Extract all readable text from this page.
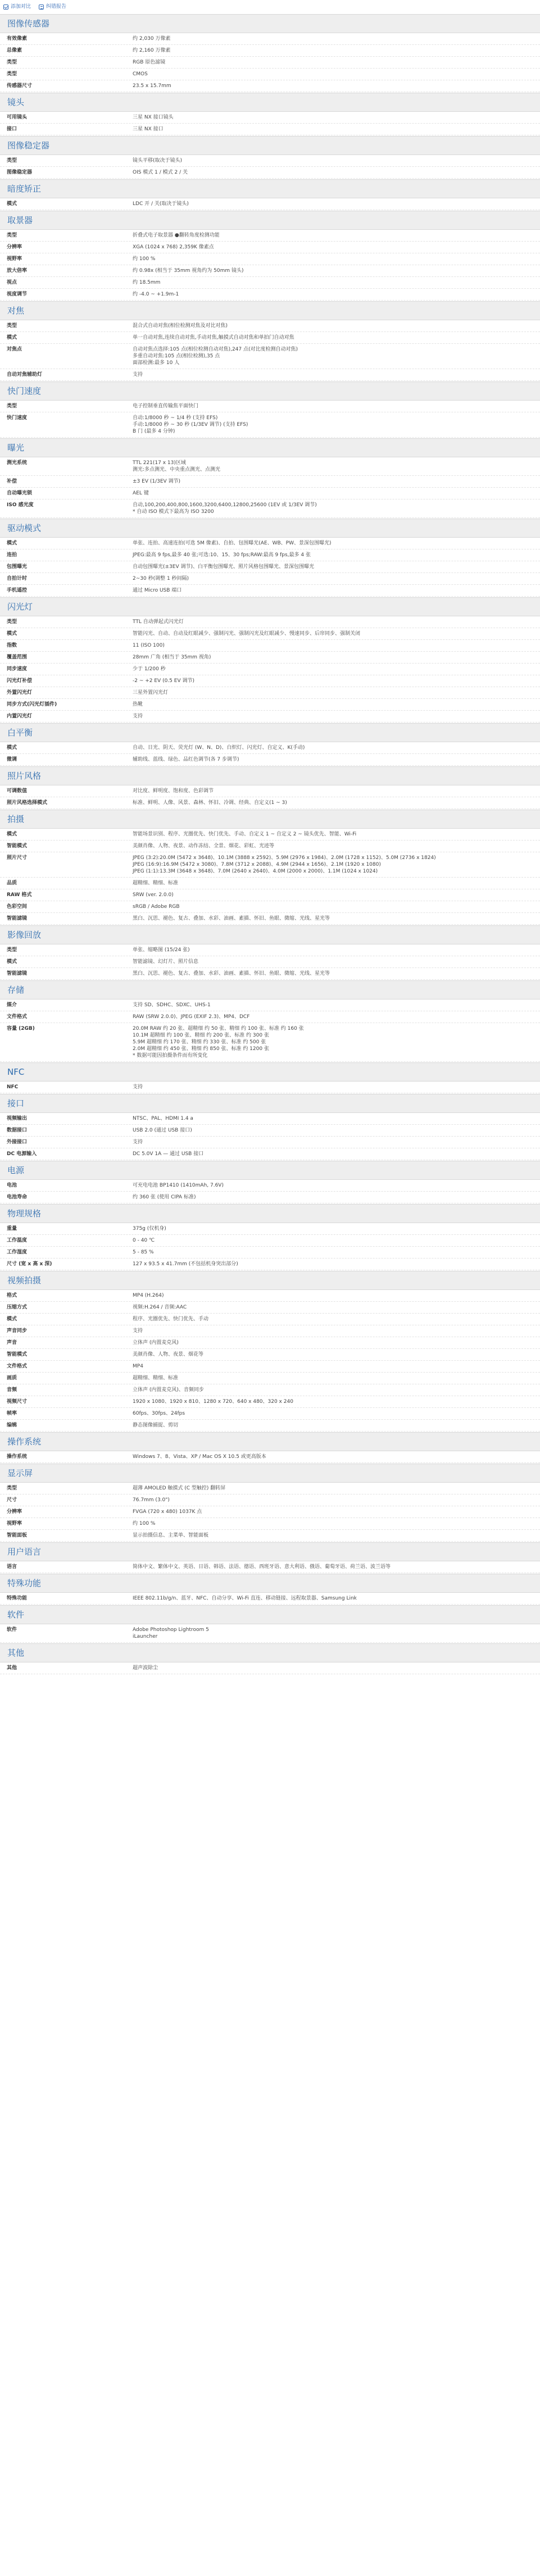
添加对比	纠错报告
图像传感器
有效像素	约 2,030 万像素
总像素	约 2,160 万像素
类型	RGB 原色滤镜
类型	CMOS
传感器尺寸	23.5 x 15.7mm
镜头
可用镜头	三星 NX 接口镜头
接口	三星 NX 接口
图像稳定器
类型	镜头平移(取决于镜头)
图像稳定器	OIS 模式 1 / 模式 2 / 关
暗度矫正
模式	LDC 开 / 关(取决于镜头)
取景器
类型	折叠式电子取景器 ●翻转角度检测功能
分辨率	XGA (1024 x 768) 2,359K 像素点
视野率	约 100 %
放大倍率	约 0.98x (相当于 35mm 视角约为 50mm 镜头)
视点	约 18.5mm
视度调节	约 -4.0 ~ +1.9m-1
对焦
类型	混合式自动对焦(相位检测对焦及对比对焦)
模式	单一自动对焦,连续自动对焦,手动对焦,触摸式自动对焦和单拍门自动对焦
对焦点	自动对焦点选择:105 点(相位检测自动对焦),247 点(对比度检测自动对焦)
多重自动对焦:105 点(相位检测),35 点
面部检测:最多 10 人
自动对焦辅助灯	支持
快门速度
类型	电子控制垂直传输焦平面快门
快门速度	自动:1/8000 秒 ~ 1/4 秒 (支持 EFS)
手动:1/8000 秒 ~ 30 秒 (1/3EV 调节) (支持 EFS)
B 门 (最多 4 分钟)
曝光
测光系统	TTL 221(17 x 13)区域
测光:多点测光、中央重点测光、点测光
补偿	±3 EV (1/3EV 调节)
自动曝光锁	AEL 键
ISO 感光度	自动,100,200,400,800,1600,3200,6400,12800,25600 (1EV 或 1/3EV 调节)
* 自动 ISO 模式下最高为 ISO 3200
驱动模式
模式	单张、连拍、高速连拍(可选 5M 像素)、自拍、包围曝光(AE、WB、PW、景深包围曝光)
连拍	JPEG:最高 9 fps,最多 40 张;可选:10、15、30 fps;RAW:最高 9 fps,最多 4 张
包围曝光	自动包围曝光(±3EV 调节)、白平衡包围曝光、照片风格包围曝光、景深包围曝光
自拍计时	2~30 秒(调整 1 秒间隔)
手机遥控	通过 Micro USB 端口
闪光灯
类型	TTL 自动弹起式闪光灯
模式	智能闪光、自动、自动及红眼减少、强制闪光、强制闪光及红眼减少、慢速同步、后帘同步、强制关闭
指数	11 (ISO 100)
覆盖范围	28mm 广角 (相当于 35mm 视角)
同步速度	少于 1/200 秒
闪光灯补偿	-2 ~ +2 EV (0.5 EV 调节)
外置闪光灯	三星外置闪光灯
同步方式(闪光灯插件)	热靴
内置闪光灯	支持
白平衡
模式	自动、日光、阴天、荧光灯 (W、N、D)、白炽灯、闪光灯、自定义、K(手动)
微调	辅助线、蓝线、绿色、品红色调节(各 7 步调节)
照片风格
可调数值	对比度、鲜明度、饱和度、色彩调节
照片风格选择模式	标准、鲜明、人像、风景、森林、怀旧、冷调、经典、自定义(1 ~ 3)
拍摄
模式	智能场景识别、程序、光圈优先、快门优先、手动、自定义 1 ~ 自定义 2 ~ 镜头优先、智能、Wi-Fi
智能模式	美颜肖像、人物、夜景、动作冻结、全景、烟花、彩虹、光迹等
照片尺寸	JPEG (3:2):20.0M (5472 x 3648)、10.1M (3888 x 2592)、5.9M (2976 x 1984)、2.0M (1728 x 1152)、5.0M (2736 x 1824)
JPEG (16:9):16.9M (5472 x 3080)、7.8M (3712 x 2088)、4.9M (2944 x 1656)、2.1M (1920 x 1080)
JPEG (1:1):13.3M (3648 x 3648)、7.0M (2640 x 2640)、4.0M (2000 x 2000)、1.1M (1024 x 1024)
品质	超精细、精细、标准
RAW 格式	SRW (ver. 2.0.0)
色彩空间	sRGB / Adobe RGB
智能滤镜	黑白、沉思、褪色、复古、叠加、水彩、油画、素描、怀旧、鱼眼、微缩、光线、星光等
影像回放
类型	单张、缩略图 (15/24 张)
模式	智能滤镜、幻灯片、照片信息
智能滤镜	黑白、沉思、褪色、复古、叠加、水彩、油画、素描、怀旧、鱼眼、微缩、光线、星光等
存储
媒介	支持 SD、SDHC、SDXC、UHS-1
文件格式	RAW (SRW 2.0.0)、JPEG (EXIF 2.3)、MP4、DCF
容量 (2GB)	20.0M RAW 约 20 张、超精细 约 50 张、精细 约 100 张、标准 约 160 张
10.1M 超精细 约 100 张、精细 约 200 张、标准 约 300 张
5.9M 超精细 约 170 张、精细 约 330 张、标准 约 500 张
2.0M 超精细 约 450 张、精细 约 850 张、标准 约 1200 张
* 数据可能因拍摄条件而有所变化
NFC
NFC	支持
接口
视频输出	NTSC、PAL、HDMI 1.4 a
数据接口	USB 2.0 (通过 USB 接口)
外接接口	支持
DC 电源输入	DC 5.0V 1A — 通过 USB 接口
电源
电池	可充电电池 BP1410 (1410mAh, 7.6V)
电池寿命	约 360 张 (使用 CIPA 标准)
物理规格
重量	375g (仅机身)
工作温度	0 - 40 ℃
工作湿度	5 - 85 %
尺寸 (宽 x 高 x 深)	127 x 93.5 x 41.7mm (不包括机身突出部分)
视频拍摄
格式	MP4 (H.264)
压缩方式	视频:H.264 / 音频:AAC
模式	程序、光圈优先、快门优先、手动
声音同步	支持
声音	立体声 (内置麦克风)
智能模式	美颜肖像、人物、夜景、烟花等
文件格式	MP4
画质	超精细、精细、标准
音频	立体声 (内置麦克风)、音频同步
视频尺寸	1920 x 1080、1920 x 810、1280 x 720、640 x 480、320 x 240
帧率	60fps、30fps、24fps
编辑	静态图像捕捉、剪切
操作系统
操作系统	Windows 7、8、Vista、XP / Mac OS X 10.5 或更高版本
显示屏
类型	超薄 AMOLED 触摸式 (C 型触控) 翻转屏
尺寸	76.7mm (3.0")
分辨率	FVGA (720 x 480) 1037K 点
视野率	约 100 %
智能面板	显示拍摄信息、主菜单、智能面板
用户语言
语言	简体中文、繁体中文、英语、日语、韩语、法语、德语、西班牙语、意大利语、俄语、葡萄牙语、荷兰语、波兰语等
特殊功能
特殊功能	IEEE 802.11b/g/n、蓝牙、NFC、自动分享、Wi-Fi 直连、移动链接、远程取景器、Samsung Link
软件
软件	Adobe Photoshop Lightroom 5
iLauncher
其他
其他	超声波除尘
